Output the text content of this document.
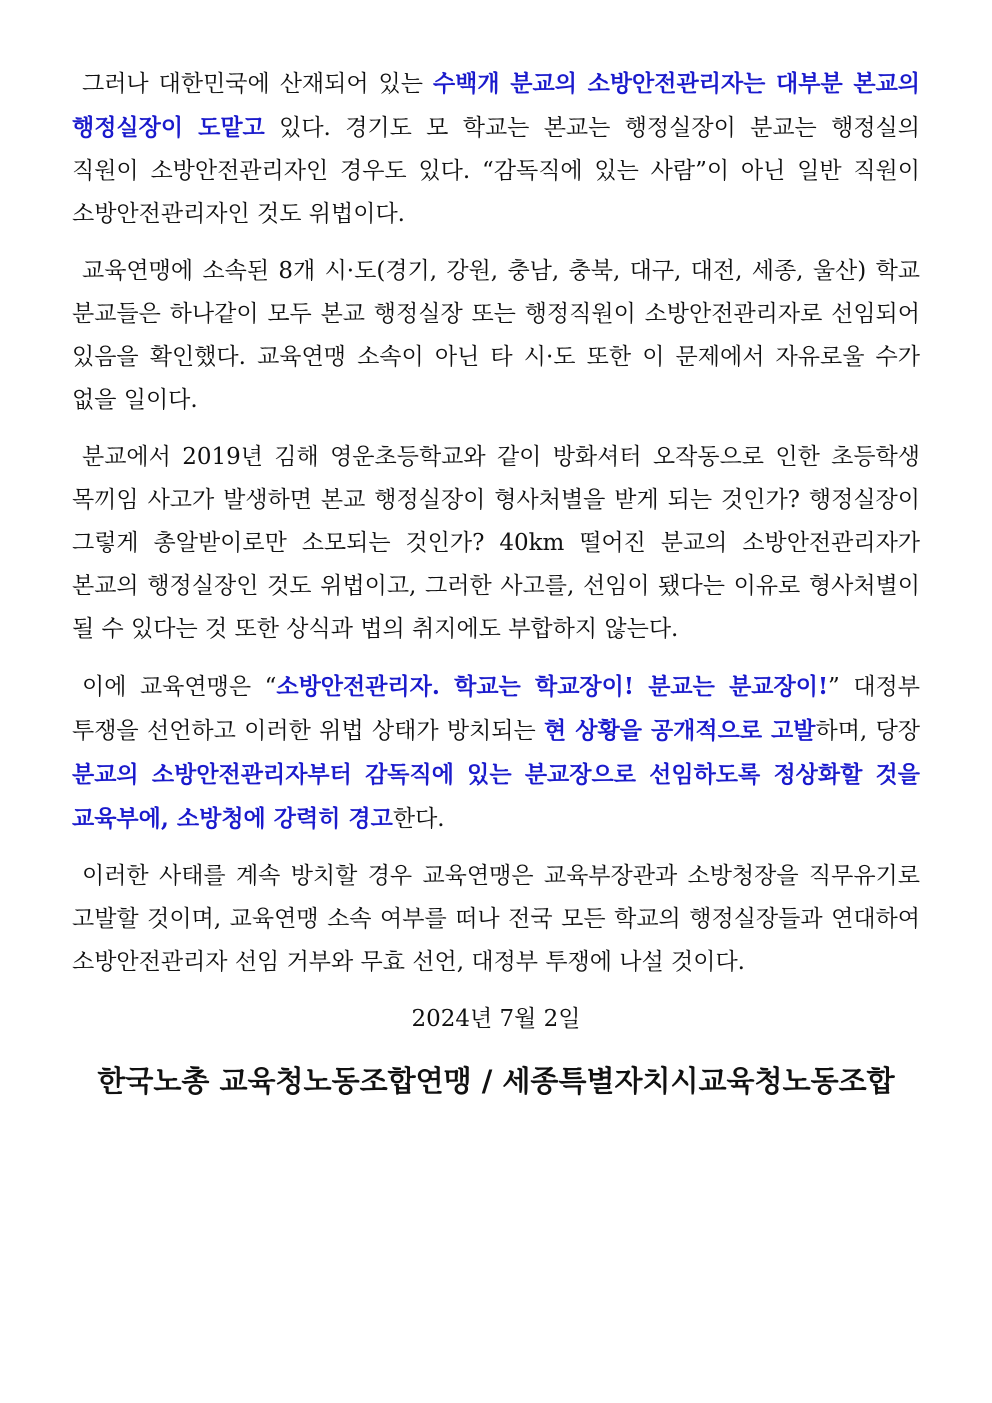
그러나 대한민국에 산재되어 있는 수백개 분교의 소방안전관리자는 대부분 본교의 행정실장이 도맡고 있다. 경기도 모 학교는 본교는 행정실장이 분교는 행정실의 직원이 소방안전관리자인 경우도 있다. “감독직에 있는 사람”이 아닌 일반 직원이 소방안전관리자인 것도 위법이다.

교육연맹에 소속된 8개 시·도(경기, 강원, 충남, 충북, 대구, 대전, 세종, 울산) 학교 분교들은 하나같이 모두 본교 행정실장 또는 행정직원이 소방안전관리자로 선임되어 있음을 확인했다. 교육연맹 소속이 아닌 타 시·도 또한 이 문제에서 자유로울 수가 없을 일이다.

분교에서 2019년 김해 영운초등학교와 같이 방화셔터 오작동으로 인한 초등학생 목끼임 사고가 발생하면 본교 행정실장이 형사처별을 받게 되는 것인가? 행정실장이 그렇게 총알받이로만 소모되는 것인가? 40km 떨어진 분교의 소방안전관리자가 본교의 행정실장인 것도 위법이고, 그러한 사고를, 선임이 됐다는 이유로 형사처별이 될 수 있다는 것 또한 상식과 법의 취지에도 부합하지 않는다.

이에 교육연맹은 “소방안전관리자. 학교는 학교장이! 분교는 분교장이!” 대정부 투쟁을 선언하고 이러한 위법 상태가 방치되는 현 상황을 공개적으로 고발하며, 당장 분교의 소방안전관리자부터 감독직에 있는 분교장으로 선임하도록 정상화할 것을 교육부에, 소방청에 강력히 경고한다.

이러한 사태를 계속 방치할 경우 교육연맹은 교육부장관과 소방청장을 직무유기로 고발할 것이며, 교육연맹 소속 여부를 떠나 전국 모든 학교의 행정실장들과 연대하여 소방안전관리자 선임 거부와 무효 선언, 대정부 투쟁에 나설 것이다.

2024년 7월 2일

한국노총 교육청노동조합연맹 / 세종특별자치시교육청노동조합
